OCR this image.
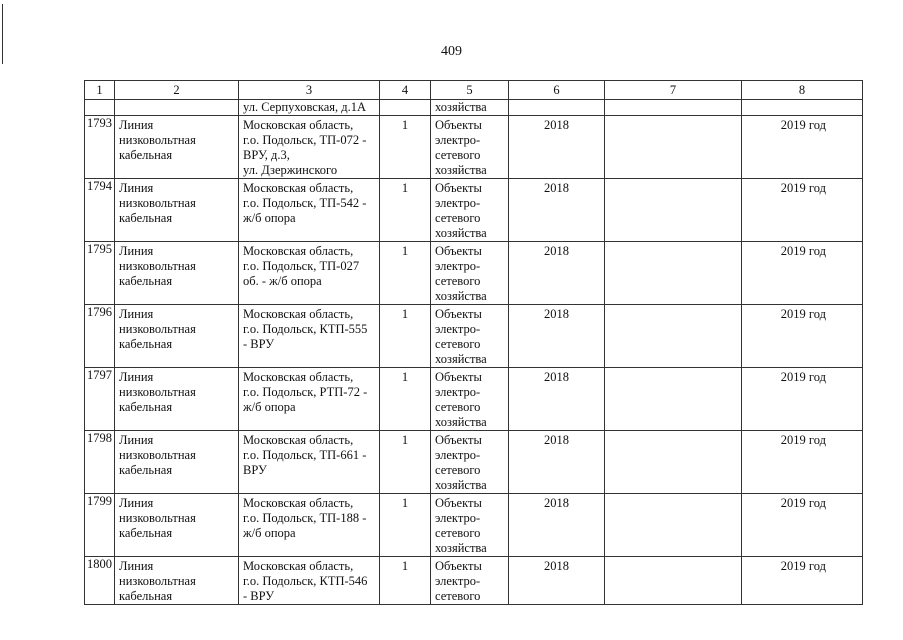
409
1	2	3	4	5	6	7	8
		ул. Серпуховская, д.1А		хозяйства			
1793	Линия
низковольтная
кабельная	Московская область,
г.о. Подольск, ТП-072 -
ВРУ, д.3,
ул. Дзержинского	1	Объекты
электро-
сетевого
хозяйства	2018		2019 год
1794	Линия
низковольтная
кабельная	Московская область,
г.о. Подольск, ТП-542 -
ж/б опора	1	Объекты
электро-
сетевого
хозяйства	2018		2019 год
1795	Линия
низковольтная
кабельная	Московская область,
г.о. Подольск, ТП-027
об. - ж/б опора	1	Объекты
электро-
сетевого
хозяйства	2018		2019 год
1796	Линия
низковольтная
кабельная	Московская область,
г.о. Подольск, КТП-555
- ВРУ	1	Объекты
электро-
сетевого
хозяйства	2018		2019 год
1797	Линия
низковольтная
кабельная	Московская область,
г.о. Подольск, РТП-72 -
ж/б опора	1	Объекты
электро-
сетевого
хозяйства	2018		2019 год
1798	Линия
низковольтная
кабельная	Московская область,
г.о. Подольск, ТП-661 -
ВРУ	1	Объекты
электро-
сетевого
хозяйства	2018		2019 год
1799	Линия
низковольтная
кабельная	Московская область,
г.о. Подольск, ТП-188 -
ж/б опора	1	Объекты
электро-
сетевого
хозяйства	2018		2019 год
1800	Линия
низковольтная
кабельная	Московская область,
г.о. Подольск, КТП-546
- ВРУ	1	Объекты
электро-
сетевого	2018		2019 год
